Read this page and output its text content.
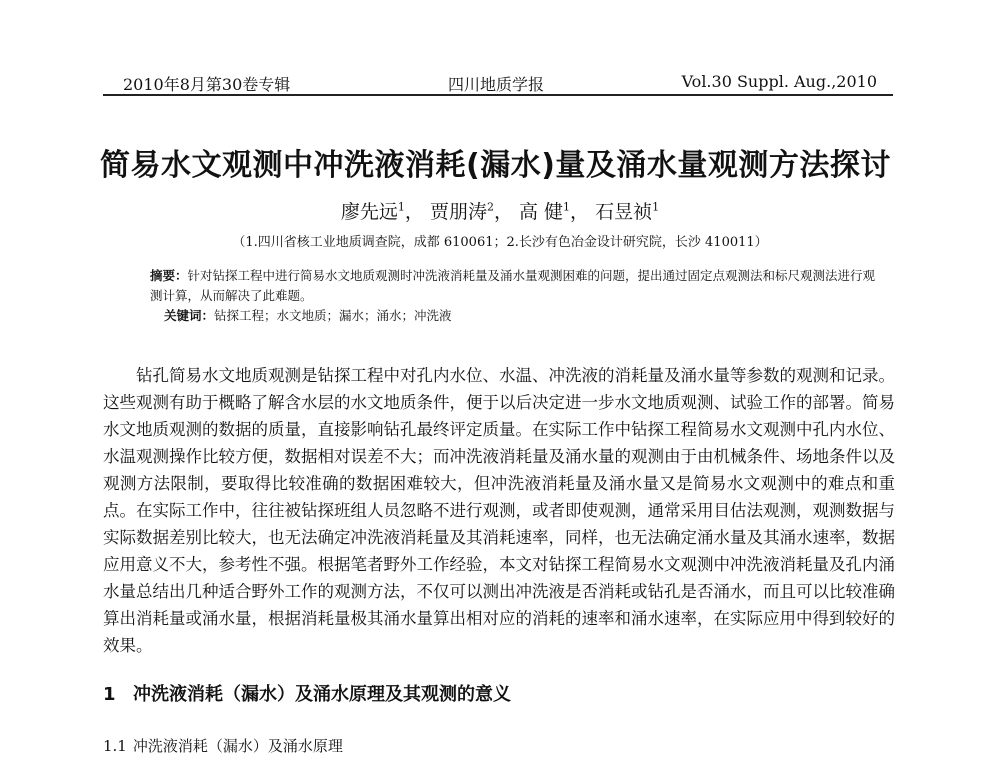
2010年8月第30卷专辑	四川地质学报	Vol.30 Suppl. Aug.,2010
简易水文观测中冲洗液消耗(漏水)量及涌水量观测方法探讨
廖先远$^1$， 贾朋涛$^2$， 高 健$^1$， 石昱祯$^1$
（1.四川省核工业地质调查院，成都 610061；2.长沙有色冶金设计研究院，长沙 410011）

摘要：针对钻探工程中进行简易水文地质观测时冲洗液消耗量及涌水量观测困难的问题，提出通过固定点观测法和标尺观测法进行观测计算，从而解决了此难题。

关键词：钻探工程；水文地质；漏水；涌水；冲洗液

钻孔简易水文地质观测是钻探工程中对孔内水位、水温、冲洗液的消耗量及涌水量等参数的观测和记录。这些观测有助于概略了解含水层的水文地质条件，便于以后决定进一步水文地质观测、试验工作的部署。简易水文地质观测的数据的质量，直接影响钻孔最终评定质量。在实际工作中钻探工程简易水文观测中孔内水位、水温观测操作比较方便，数据相对误差不大；而冲洗液消耗量及涌水量的观测由于由机械条件、场地条件以及观测方法限制，要取得比较准确的数据困难较大，但冲洗液消耗量及涌水量又是简易水文观测中的难点和重点。在实际工作中，往往被钻探班组人员忽略不进行观测，或者即使观测，通常采用目估法观测，观测数据与实际数据差别比较大，也无法确定冲洗液消耗量及其消耗速率，同样，也无法确定涌水量及其涌水速率，数据应用意义不大，参考性不强。根据笔者野外工作经验，本文对钻探工程简易水文观测中冲洗液消耗量及孔内涌水量总结出几种适合野外工作的观测方法，不仅可以测出冲洗液是否消耗或钻孔是否涌水，而且可以比较准确算出消耗量或涌水量，根据消耗量极其涌水量算出相对应的消耗的速率和涌水速率，在实际应用中得到较好的效果。

1 冲洗液消耗（漏水）及涌水原理及其观测的意义
1.1 冲洗液消耗（漏水）及涌水原理
